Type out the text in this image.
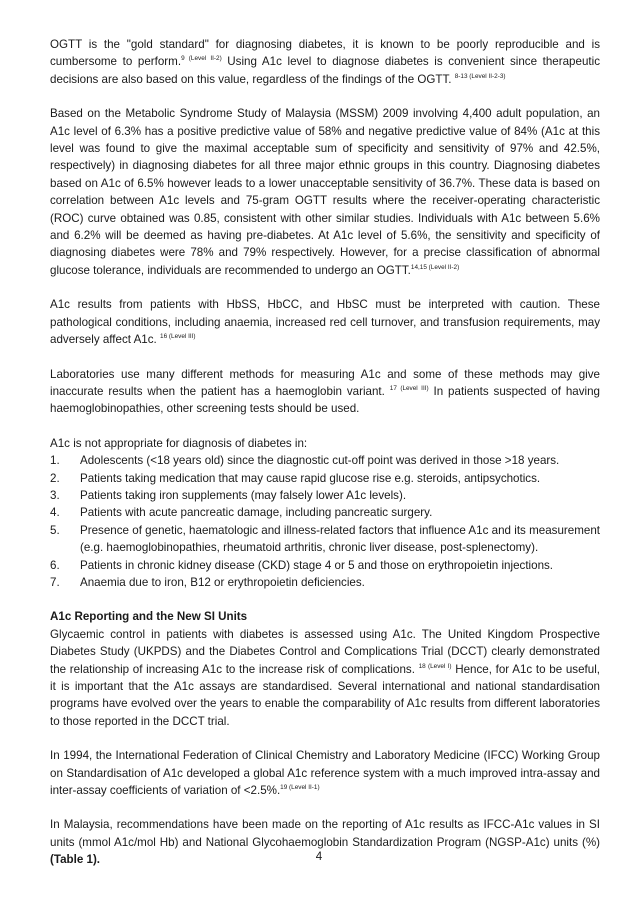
OGTT is the "gold standard" for diagnosing diabetes, it is known to be poorly reproducible and is cumbersome to perform.$^{9 (Level II-2)}$ Using A1c level to diagnose diabetes is convenient since therapeutic decisions are also based on this value, regardless of the findings of the OGTT. $^{8-13 (Level II-2-3)}$

Based on the Metabolic Syndrome Study of Malaysia (MSSM) 2009 involving 4,400 adult population, an A1c level of 6.3% has a positive predictive value of 58% and negative predictive value of 84% (A1c at this level was found to give the maximal acceptable sum of specificity and sensitivity of 97% and 42.5%, respectively) in diagnosing diabetes for all three major ethnic groups in this country. Diagnosing diabetes based on A1c of 6.5% however leads to a lower unacceptable sensitivity of 36.7%. These data is based on correlation between A1c levels and 75-gram OGTT results where the receiver-operating characteristic (ROC) curve obtained was 0.85, consistent with other similar studies. Individuals with A1c between 5.6% and 6.2% will be deemed as having pre-diabetes. At A1c level of 5.6%, the sensitivity and specificity of diagnosing diabetes were 78% and 79% respectively. However, for a precise classification of abnormal glucose tolerance, individuals are recommended to undergo an OGTT.$^{14,15 (Level II-2)}$

A1c results from patients with HbSS, HbCC, and HbSC must be interpreted with caution. These pathological conditions, including anaemia, increased red cell turnover, and transfusion requirements, may adversely affect A1c. $^{16 (Level III)}$

Laboratories use many different methods for measuring A1c and some of these methods may give inaccurate results when the patient has a haemoglobin variant. $^{17 (Level III)}$ In patients suspected of having haemoglobinopathies, other screening tests should be used.

A1c is not appropriate for diagnosis of diabetes in:

1.	Adolescents (<18 years old) since the diagnostic cut-off point was derived in those >18 years.
2.	Patients taking medication that may cause rapid glucose rise e.g. steroids, antipsychotics.
3.	Patients taking iron supplements (may falsely lower A1c levels).
4.	Patients with acute pancreatic damage, including pancreatic surgery.
5.	Presence of genetic, haematologic and illness-related factors that influence A1c and its measurement (e.g. haemoglobinopathies, rheumatoid arthritis, chronic liver disease, post-splenectomy).
6.	Patients in chronic kidney disease (CKD) stage 4 or 5 and those on erythropoietin injections.
7.	Anaemia due to iron, B12 or erythropoietin deficiencies.

A1c Reporting and the New SI Units

Glycaemic control in patients with diabetes is assessed using A1c. The United Kingdom Prospective Diabetes Study (UKPDS) and the Diabetes Control and Complications Trial (DCCT) clearly demonstrated the relationship of increasing A1c to the increase risk of complications. $^{18 (Level I)}$ Hence, for A1c to be useful, it is important that the A1c assays are standardised. Several international and national standardisation programs have evolved over the years to enable the comparability of A1c results from different laboratories to those reported in the DCCT trial.

In 1994, the International Federation of Clinical Chemistry and Laboratory Medicine (IFCC) Working Group on Standardisation of A1c developed a global A1c reference system with a much improved intra-assay and inter-assay coefficients of variation of <2.5%.$^{19 (Level II-1)}$

In Malaysia, recommendations have been made on the reporting of A1c results as IFCC-A1c values in SI units (mmol A1c/mol Hb) and National Glycohaemoglobin Standardization Program (NGSP-A1c) units (%) (Table 1).	4
